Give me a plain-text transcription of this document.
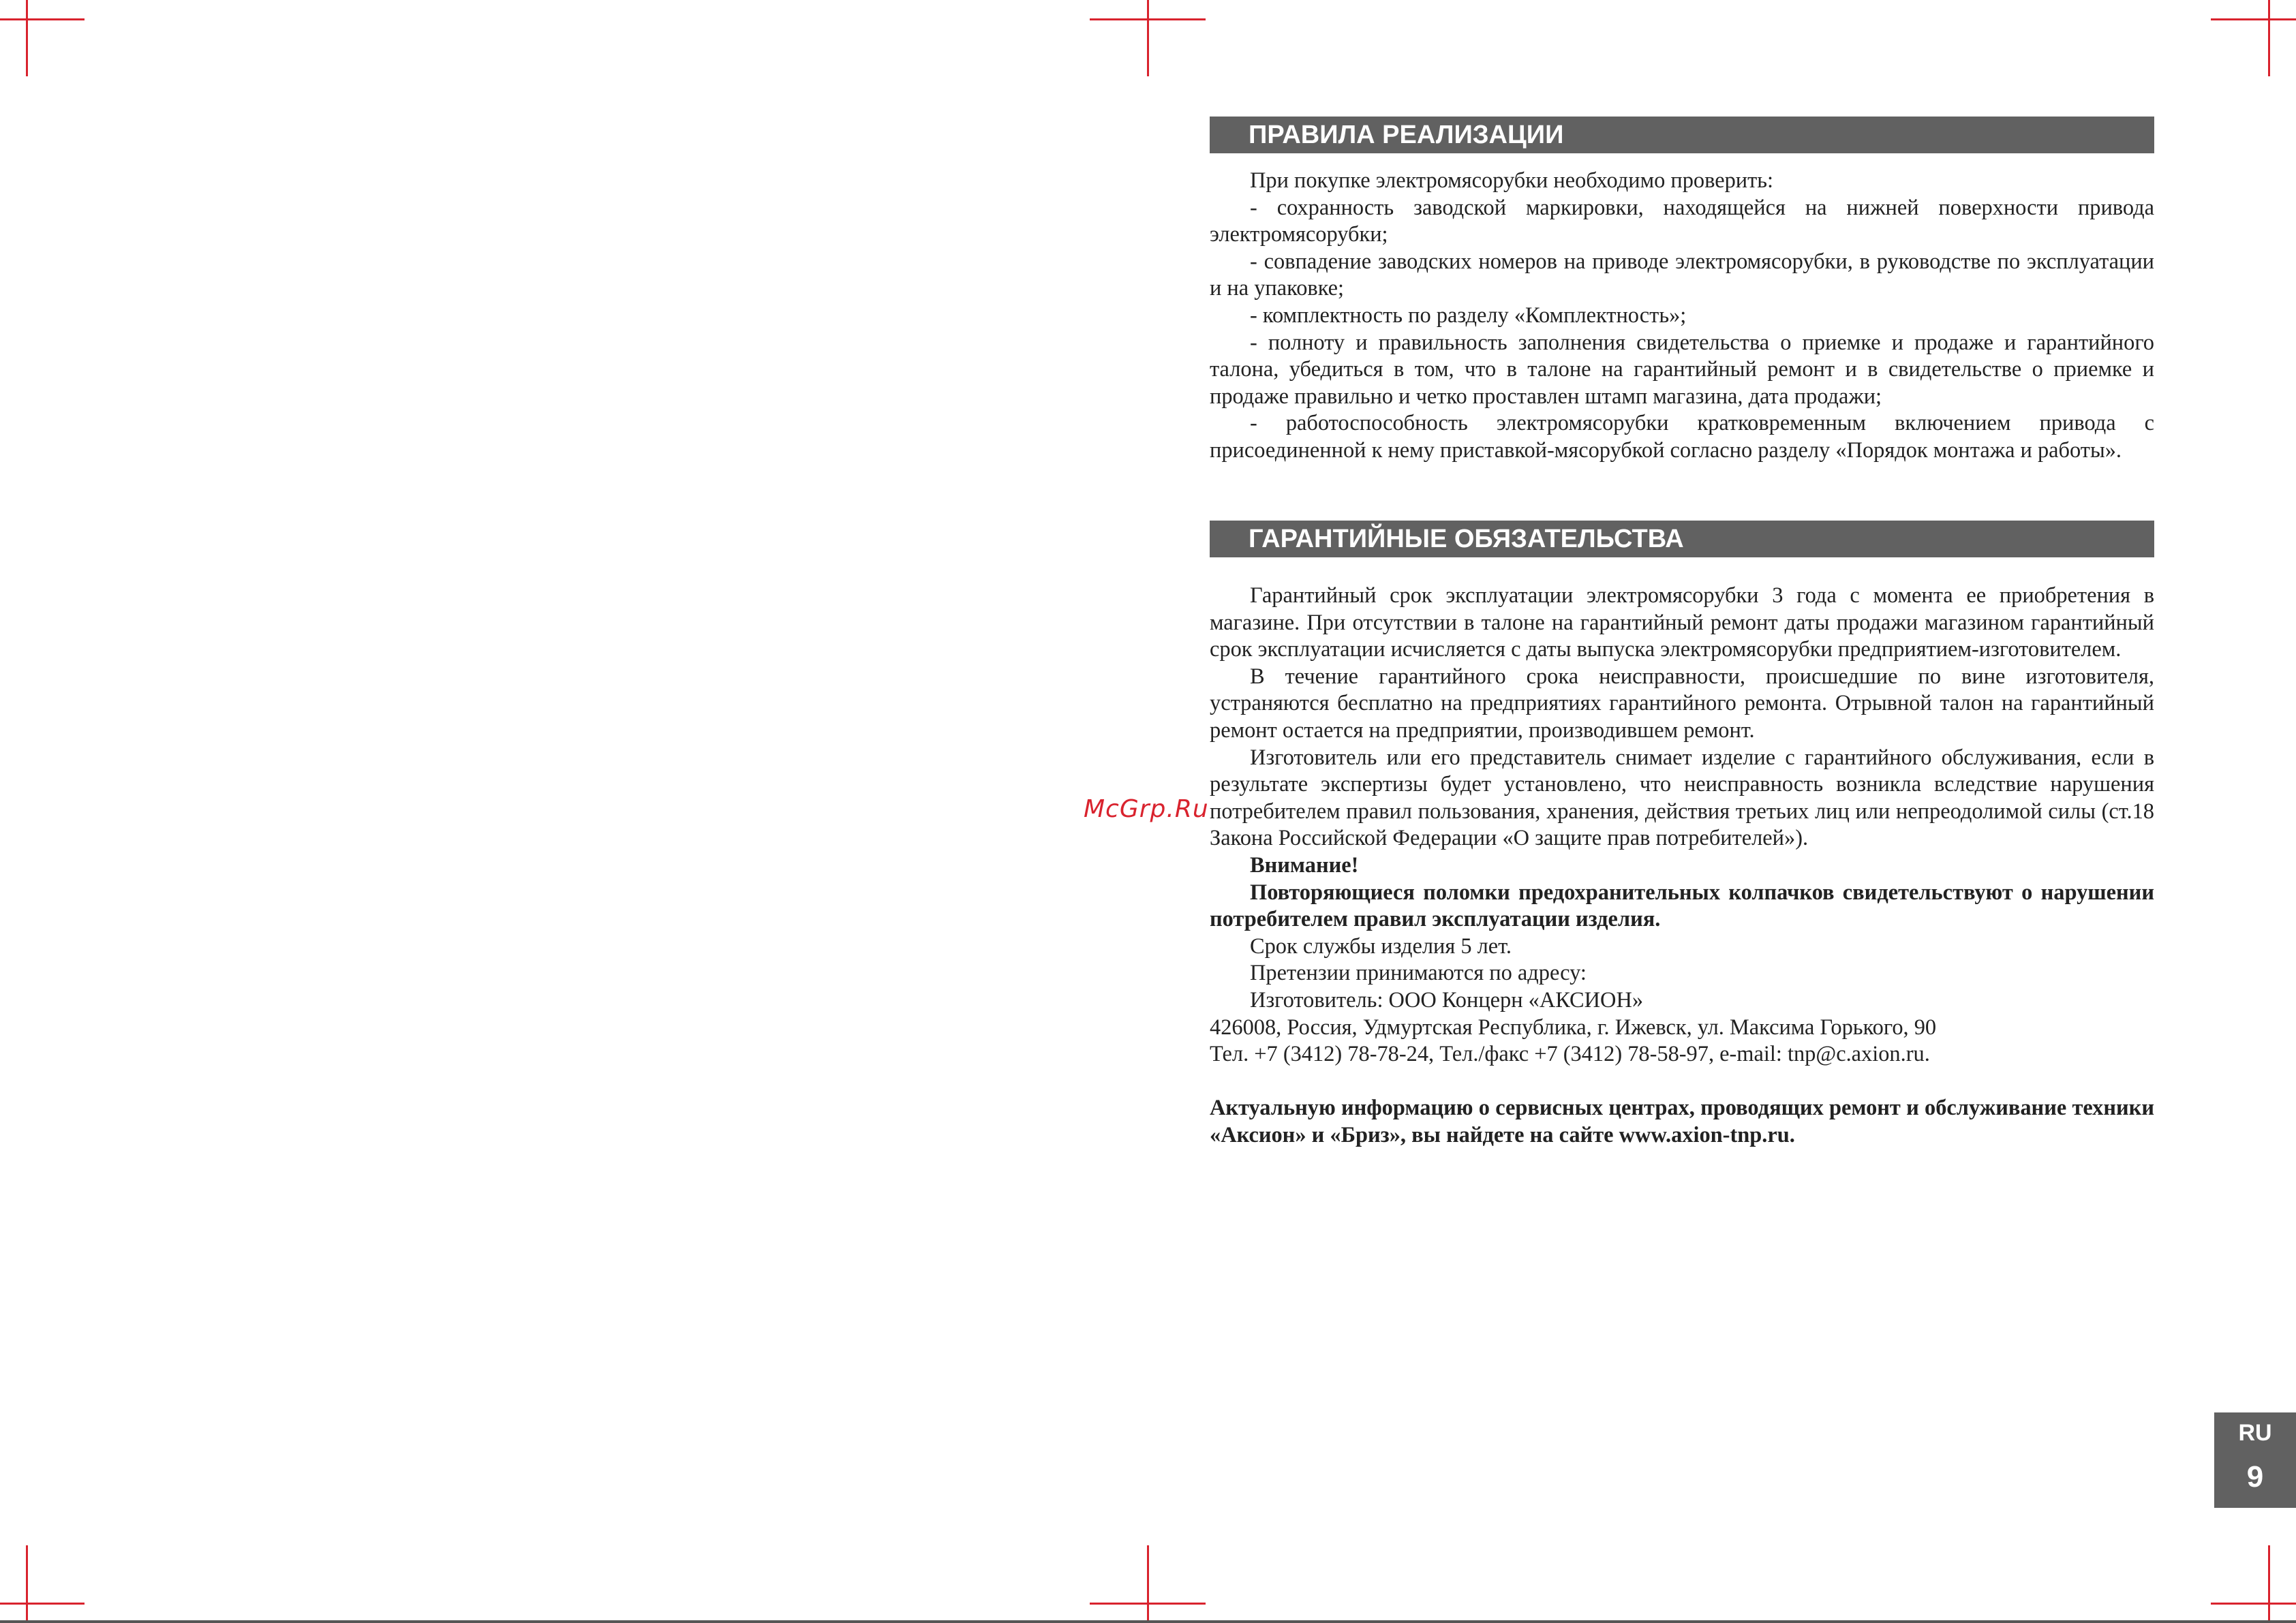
ПРАВИЛА РЕАЛИЗАЦИИ

При покупке электромясорубки необходимо проверить:

- сохранность заводской маркировки, находящейся на нижней поверхности привода электромясорубки;

- совпадение заводских номеров на приводе электромясорубки, в руководстве по эксплуатации и на упаковке;

- комплектность по разделу «Комплектность»;

- полноту и правильность заполнения свидетельства о приемке и продаже и гарантийного талона, убедиться в том, что в талоне на гарантийный ремонт и в свидетельстве о приемке и продаже правильно и четко проставлен штамп магазина, дата продажи;

- работоспособность электромясорубки кратковременным включением привода с присоединенной к нему приставкой-мясорубкой согласно разделу «Порядок монтажа и работы».

ГАРАНТИЙНЫЕ ОБЯЗАТЕЛЬСТВА

Гарантийный срок эксплуатации электромясорубки 3 года с момента ее приобретения в магазине. При отсутствии в талоне на гарантийный ремонт даты продажи магазином гарантийный срок эксплуатации исчисляется с даты выпуска электромясорубки предприятием-изготовителем.

В течение гарантийного срока неисправности, происшедшие по вине изготовителя, устраняются бесплатно на предприятиях гарантийного ремонта. Отрывной талон на гарантийный ремонт остается на предприятии, производившем ремонт.

Изготовитель или его представитель снимает изделие с гарантийного обслуживания, если в результате экспертизы будет установлено, что неисправность возникла вследствие нарушения потребителем правил пользования, хранения, действия третьих лиц или непреодолимой силы (ст.18 Закона Российской Федерации «О защите прав потребителей»).

Внимание!

Повторяющиеся поломки предохранительных колпачков свидетельствуют о нарушении потребителем правил эксплуатации изделия.

Срок службы изделия 5 лет.

Претензии принимаются по адресу:

Изготовитель: ООО Концерн «АКСИОН»

426008, Россия, Удмуртская Республика, г. Ижевск, ул. Максима Горького, 90

Тел. +7 (3412) 78-78-24, Тел./факс +7 (3412) 78-58-97, e-mail: tnp@c.axion.ru.

Актуальную информацию о сервисных центрах, проводящих ремонт и обслуживание техники «Аксион» и «Бриз», вы найдете на сайте www.axion-tnp.ru.

McGrp.Ru
RU
9
